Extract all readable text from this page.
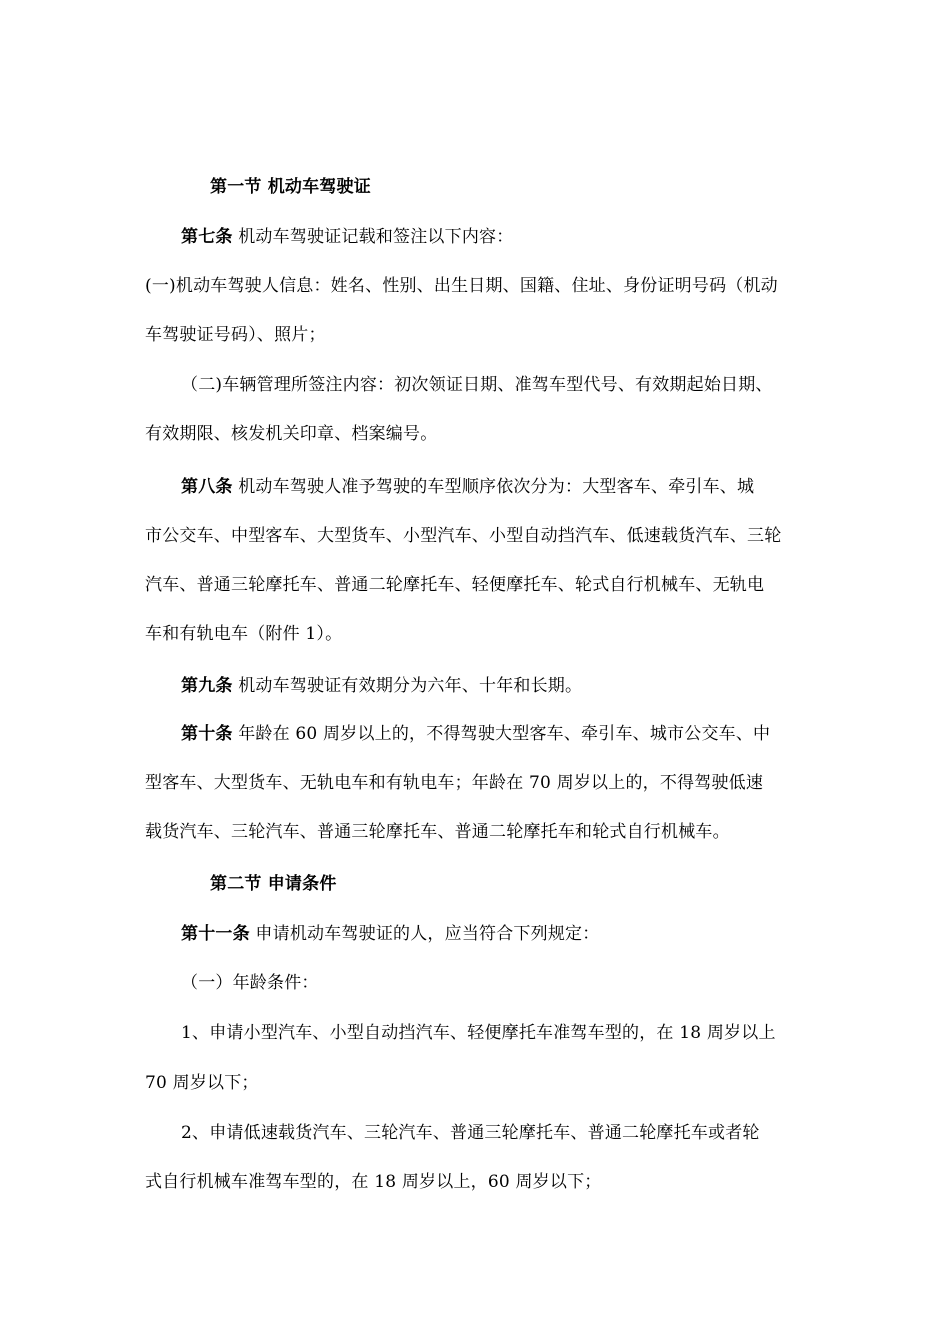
第一节 机动车驾驶证
第七条 机动车驾驶证记载和签注以下内容：
(一)机动车驾驶人信息：姓名、性别、出生日期、国籍、住址、身份证明号码（机动
车驾驶证号码）、照片；
（二)车辆管理所签注内容：初次领证日期、准驾车型代号、有效期起始日期、
有效期限、核发机关印章、档案编号。
第八条 机动车驾驶人准予驾驶的车型顺序依次分为：大型客车、牵引车、城
市公交车、中型客车、大型货车、小型汽车、小型自动挡汽车、低速载货汽车、三轮
汽车、普通三轮摩托车、普通二轮摩托车、轻便摩托车、轮式自行机械车、无轨电
车和有轨电车（附件 1）。
第九条 机动车驾驶证有效期分为六年、十年和长期。
第十条 年龄在 60 周岁以上的，不得驾驶大型客车、牵引车、城市公交车、中
型客车、大型货车、无轨电车和有轨电车；年龄在 70 周岁以上的，不得驾驶低速
载货汽车、三轮汽车、普通三轮摩托车、普通二轮摩托车和轮式自行机械车。
第二节 申请条件
第十一条 申请机动车驾驶证的人，应当符合下列规定：
（一）年龄条件：
1、申请小型汽车、小型自动挡汽车、轻便摩托车准驾车型的，在 18 周岁以上
70 周岁以下；
2、申请低速载货汽车、三轮汽车、普通三轮摩托车、普通二轮摩托车或者轮
式自行机械车准驾车型的，在 18 周岁以上，60 周岁以下；
